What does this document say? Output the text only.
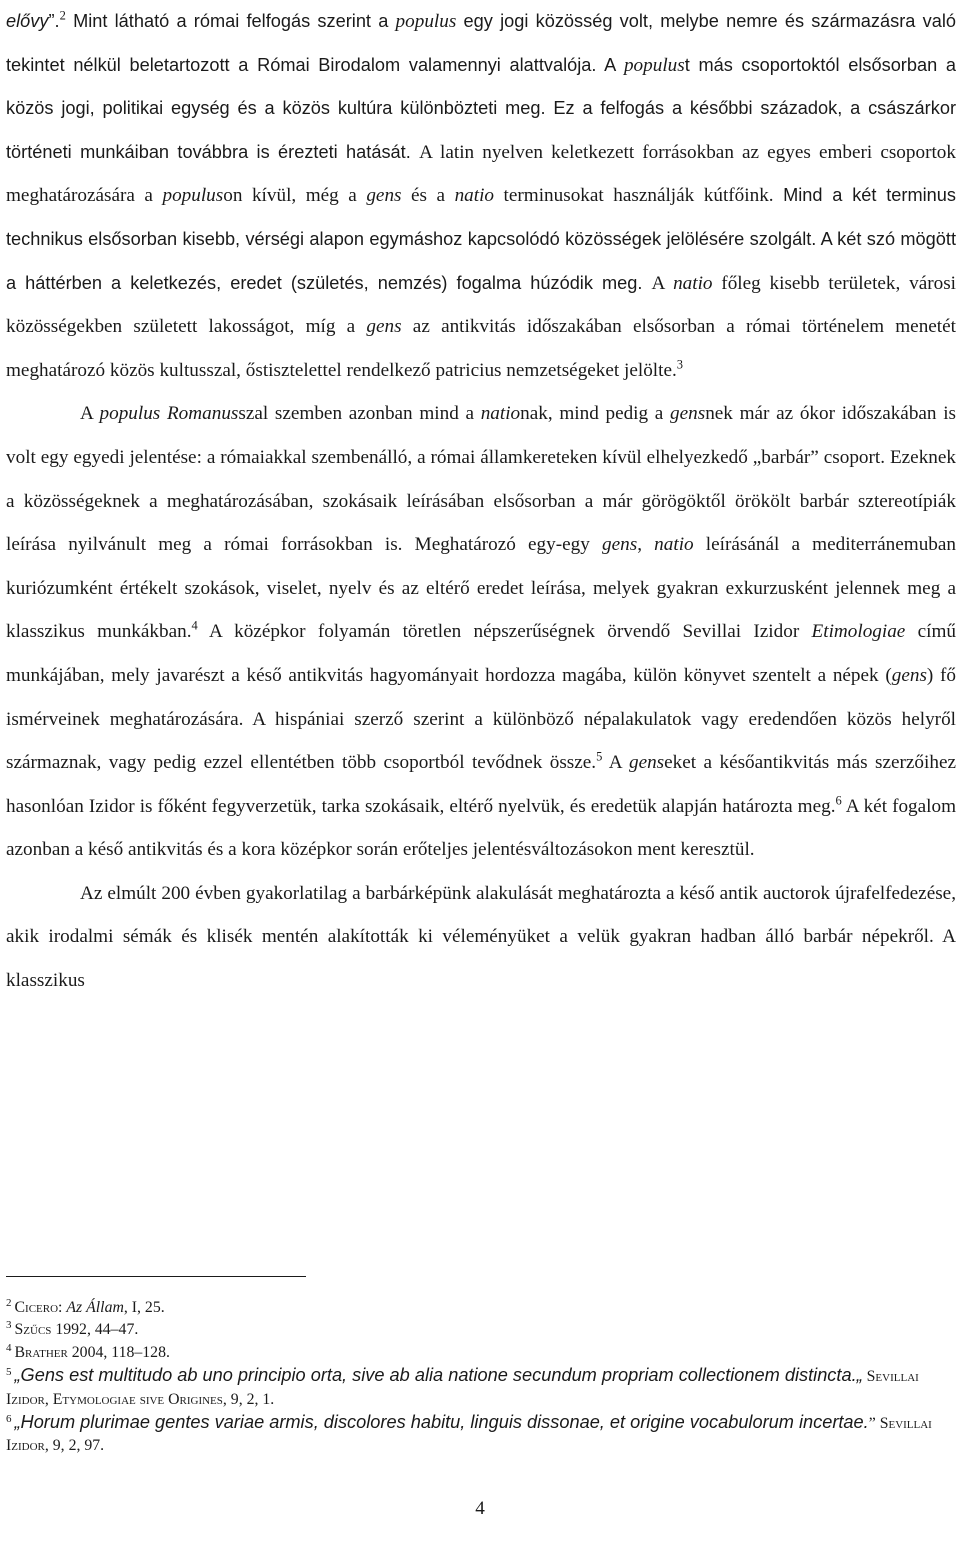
elővy”.$^2$ Mint látható a római felfogás szerint a populus egy jogi közösség volt, melybe nemre és származásra való tekintet nélkül beletartozott a Római Birodalom valamennyi alattvalója. A populust más csoportoktól elsősorban a közös jogi, politikai egység és a közös kultúra különbözteti meg. Ez a felfogás a későbbi századok, a császárkor történeti munkáiban továbbra is érezteti hatását. A latin nyelven keletkezett forrásokban az egyes emberi csoportok meghatározására a populuson kívül, még a gens és a natio terminusokat használják kútfőink. Mind a két terminus technikus elsősorban kisebb, vérségi alapon egymáshoz kapcsolódó közösségek jelölésére szolgált. A két szó mögött a háttérben a keletkezés, eredet (születés, nemzés) fogalma húzódik meg. A natio főleg kisebb területek, városi közösségekben született lakosságot, míg a gens az antikvitás időszakában elsősorban a római történelem menetét meghatározó közös kultusszal, őstisztelettel rendelkező patricius nemzetségeket jelölte.$^3$

A populus Romanusszal szemben azonban mind a nationak, mind pedig a gensnek már az ókor időszakában is volt egy egyedi jelentése: a rómaiakkal szembenálló, a római államkereteken kívül elhelyezkedő „barbár” csoport. Ezeknek a közösségeknek a meghatározásában, szokásaik leírásában elsősorban a már görögöktől örökölt barbár sztereotípiák leírása nyilvánult meg a római forrásokban is. Meghatározó egy-egy gens, natio leírásánál a mediterránemuban kuriózumként értékelt szokások, viselet, nyelv és az eltérő eredet leírása, melyek gyakran exkurzusként jelennek meg a klasszikus munkákban.$^4$ A középkor folyamán töretlen népszerűségnek örvendő Sevillai Izidor Etimologiae című munkájában, mely javarészt a késő antikvitás hagyományait hordozza magába, külön könyvet szentelt a népek (gens) fő ismérveinek meghatározására. A hispániai szerző szerint a különböző népalakulatok vagy eredendően közös helyről származnak, vagy pedig ezzel ellentétben több csoportból tevődnek össze.$^5$ A genseket a későantikvitás más szerzőihez hasonlóan Izidor is főként fegyverzetük, tarka szokásaik, eltérő nyelvük, és eredetük alapján határozta meg.$^6$ A két fogalom azonban a késő antikvitás és a kora középkor során erőteljes jelentésváltozásokon ment keresztül.

Az elmúlt 200 évben gyakorlatilag a barbárképünk alakulását meghatározta a késő antik auctorok újrafelfedezése, akik irodalmi sémák és klisék mentén alakították ki véleményüket a velük gyakran hadban álló barbár népekről. A klasszikus

$^2$ Cicero: Az Állam, I, 25.

$^3$ Szűcs 1992, 44–47.

$^4$ Brather 2004, 118–128.

$^5$ „Gens est multitudo ab uno principio orta, sive ab alia natione secundum propriam collectionem distincta.„ Sevillai Izidor, Etymologiae sive Origines, 9, 2, 1.

$^6$ „Horum plurimae gentes variae armis, discolores habitu, linguis dissonae, et origine vocabulorum incertae.” Sevillai Izidor, 9, 2, 97.

4
